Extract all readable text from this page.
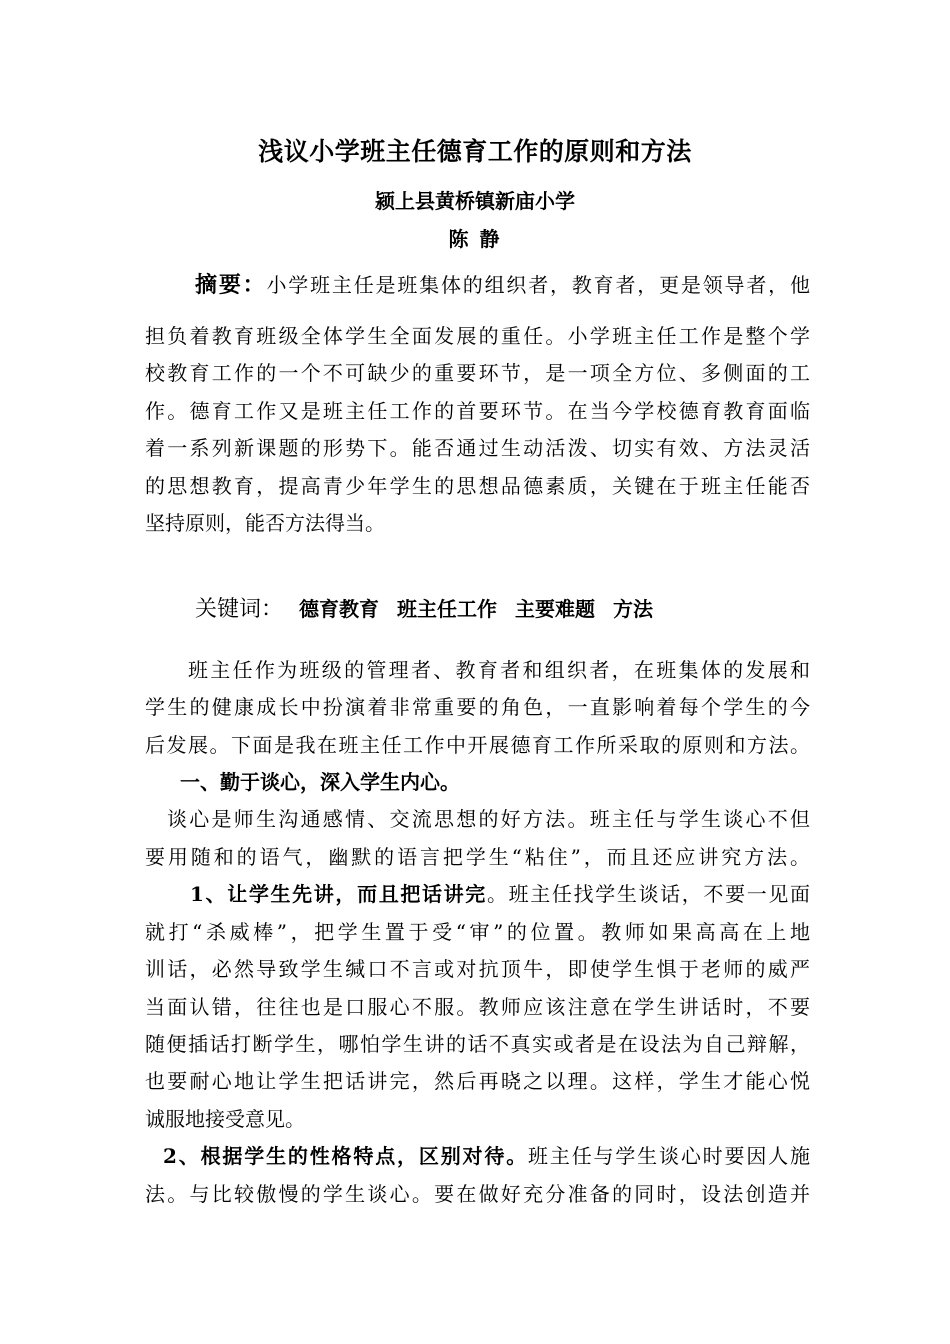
浅议小学班主任德育工作的原则和方法
颍上县黄桥镇新庙小学
陈 静
摘要：小学班主任是班集体的组织者，教育者，更是领导者，他
担负着教育班级全体学生全面发展的重任。小学班主任工作是整个学
校教育工作的一个不可缺少的重要环节，是一项全方位、多侧面的工
作。德育工作又是班主任工作的首要环节。在当今学校德育教育面临
着一系列新课题的形势下。能否通过生动活泼、切实有效、方法灵活
的思想教育，提高青少年学生的思想品德素质，关键在于班主任能否
坚持原则，能否方法得当。
关键词： 德育教育 班主任工作 主要难题 方法
班主任作为班级的管理者、教育者和组织者，在班集体的发展和
学生的健康成长中扮演着非常重要的角色，一直影响着每个学生的今
后发展。下面是我在班主任工作中开展德育工作所采取的原则和方法。
一、勤于谈心，深入学生内心。
谈心是师生沟通感情、交流思想的好方法。班主任与学生谈心不但
要用随和的语气，幽默的语言把学生“粘住”，而且还应讲究方法。
1、让学生先讲，而且把话讲完。班主任找学生谈话，不要一见面
就打“杀威棒”，把学生置于受“审”的位置。教师如果高高在上地
训话，必然导致学生缄口不言或对抗顶牛，即使学生惧于老师的威严
当面认错，往往也是口服心不服。教师应该注意在学生讲话时，不要
随便插话打断学生，哪怕学生讲的话不真实或者是在设法为自己辩解，
也要耐心地让学生把话讲完，然后再晓之以理。这样，学生才能心悦
诚服地接受意见。
2、根据学生的性格特点，区别对待。班主任与学生谈心时要因人施
法。与比较傲慢的学生谈心。要在做好充分准备的同时，设法创造并
